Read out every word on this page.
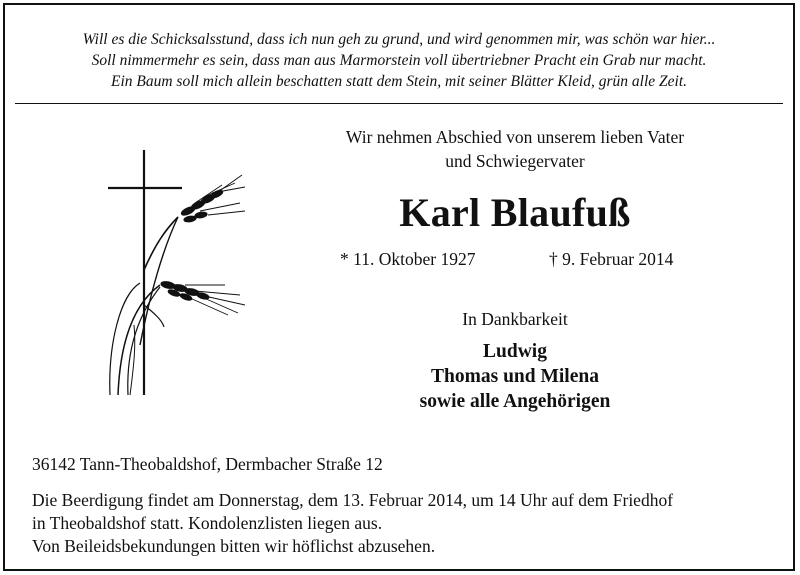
Will es die Schicksalsstund, dass ich nun geh zu grund, und wird genommen mir, was schön war hier...
Soll nimmermehr es sein, dass man aus Marmorstein voll übertriebner Pracht ein Grab nur macht.
Ein Baum soll mich allein beschatten statt dem Stein, mit seiner Blätter Kleid, grün alle Zeit.
Wir nehmen Abschied von unserem lieben Vater
und Schwiegervater
Karl Blaufuß
* 11. Oktober 1927	† 9. Februar 2014
In Dankbarkeit
Ludwig
Thomas und Milena
sowie alle Angehörigen
36142 Tann-Theobaldshof, Dermbacher Straße 12
Die Beerdigung findet am Donnerstag, dem 13. Februar 2014, um 14 Uhr auf dem Friedhof
in Theobaldshof statt. Kondolenzlisten liegen aus.
Von Beileidsbekundungen bitten wir höflichst abzusehen.
